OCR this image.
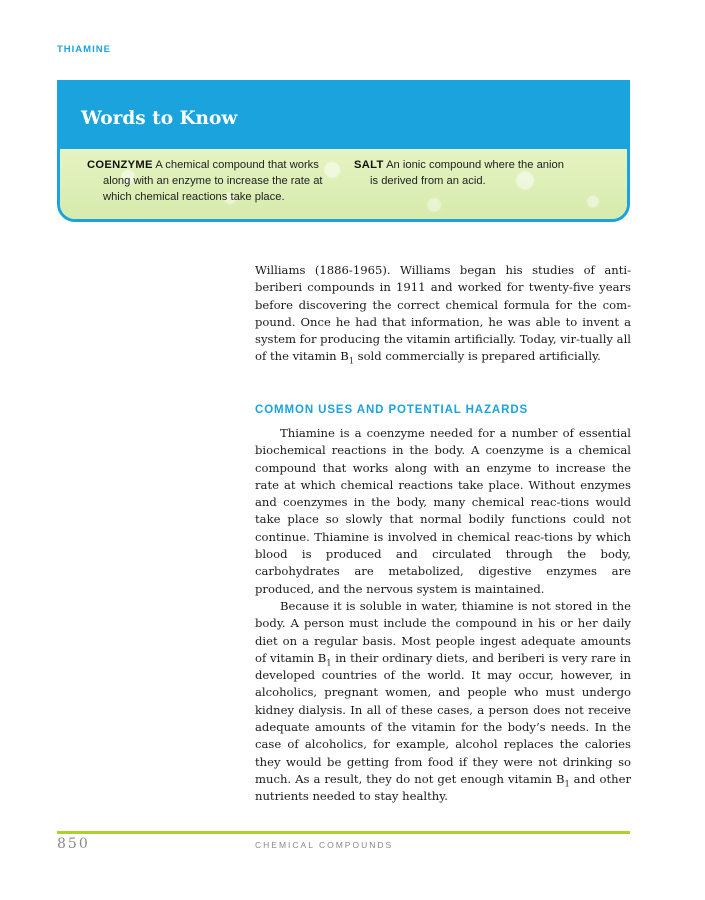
THIAMINE
Words to Know
COENZYME A chemical compound that works
along with an enzyme to increase the rate at which chemical reactions take place.
SALT An ionic compound where the anion
is derived from an acid.
Williams (1886-1965). Williams began his studies of anti-beriberi compounds in 1911 and worked for twenty-five years before discovering the correct chemical formula for the com-pound. Once he had that information, he was able to invent a system for producing the vitamin artificially. Today, vir-tually all of the vitamin $B_1$ sold commercially is prepared artificially.
COMMON USES AND POTENTIAL HAZARDS
Thiamine is a coenzyme needed for a number of essential biochemical reactions in the body. A coenzyme is a chemical compound that works along with an enzyme to increase the rate at which chemical reactions take place. Without enzymes and coenzymes in the body, many chemical reac-tions would take place so slowly that normal bodily functions could not continue. Thiamine is involved in chemical reac-tions by which blood is produced and circulated through the body, carbohydrates are metabolized, digestive enzymes are produced, and the nervous system is maintained.
Because it is soluble in water, thiamine is not stored in the body. A person must include the compound in his or her daily diet on a regular basis. Most people ingest adequate amounts of vitamin $B_1$ in their ordinary diets, and beriberi is very rare in developed countries of the world. It may occur, however, in alcoholics, pregnant women, and people who must undergo kidney dialysis. In all of these cases, a person does not receive adequate amounts of the vitamin for the body’s needs. In the case of alcoholics, for example, alcohol replaces the calories they would be getting from food if they were not drinking so much. As a result, they do not get enough vitamin $B_1$ and other nutrients needed to stay healthy.
850	CHEMICAL COMPOUNDS
